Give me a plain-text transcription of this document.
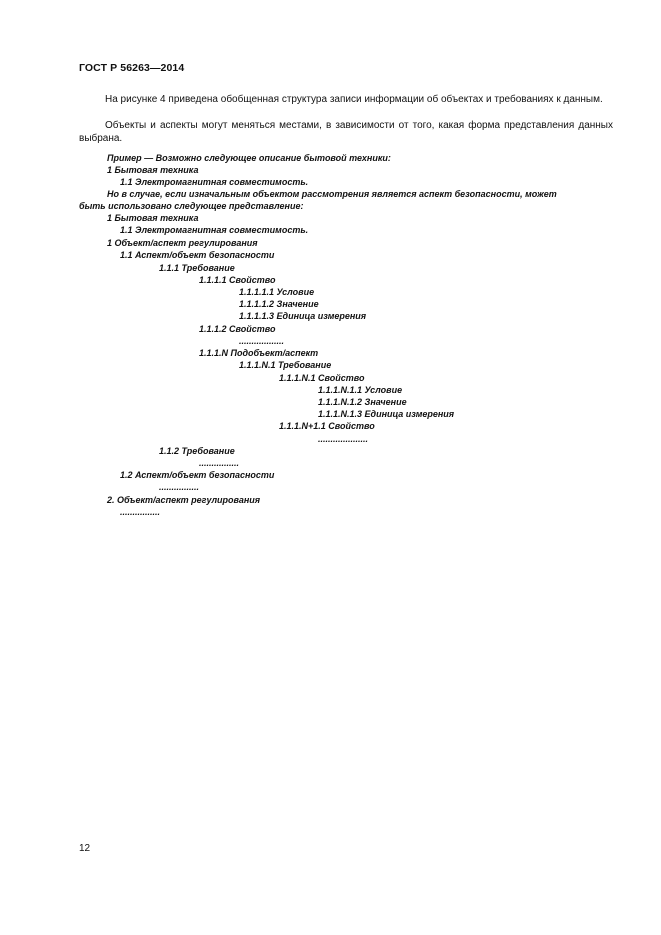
ГОСТ Р 56263—2014
На рисунке 4 приведена обобщенная структура записи информации об объектах и требованиях к данным.
Объекты и аспекты могут меняться местами, в зависимости от того, какая форма представления данных выбрана.
Пример — Возможно следующее описание бытовой техники:
1 Бытовая техника
1.1 Электромагнитная совместимость.
Но в случае, если изначальным объектом рассмотрения является аспект безопасности, может
быть использовано следующее представление:
1 Бытовая техника
1.1 Электромагнитная совместимость.
1 Объект/аспект регулирования
1.1 Аспект/объект безопасности
1.1.1 Требование
1.1.1.1 Свойство
1.1.1.1.1 Условие
1.1.1.1.2 Значение
1.1.1.1.3 Единица измерения
1.1.1.2 Свойство
..................
1.1.1.N Подобъект/аспект
1.1.1.N.1 Требование
1.1.1.N.1 Свойство
1.1.1.N.1.1 Условие
1.1.1.N.1.2 Значение
1.1.1.N.1.3 Единица измерения
1.1.1.N+1.1 Свойство
....................
1.1.2 Требование
................
1.2 Аспект/объект безопасности
................
2. Объект/аспект регулирования
................
12
